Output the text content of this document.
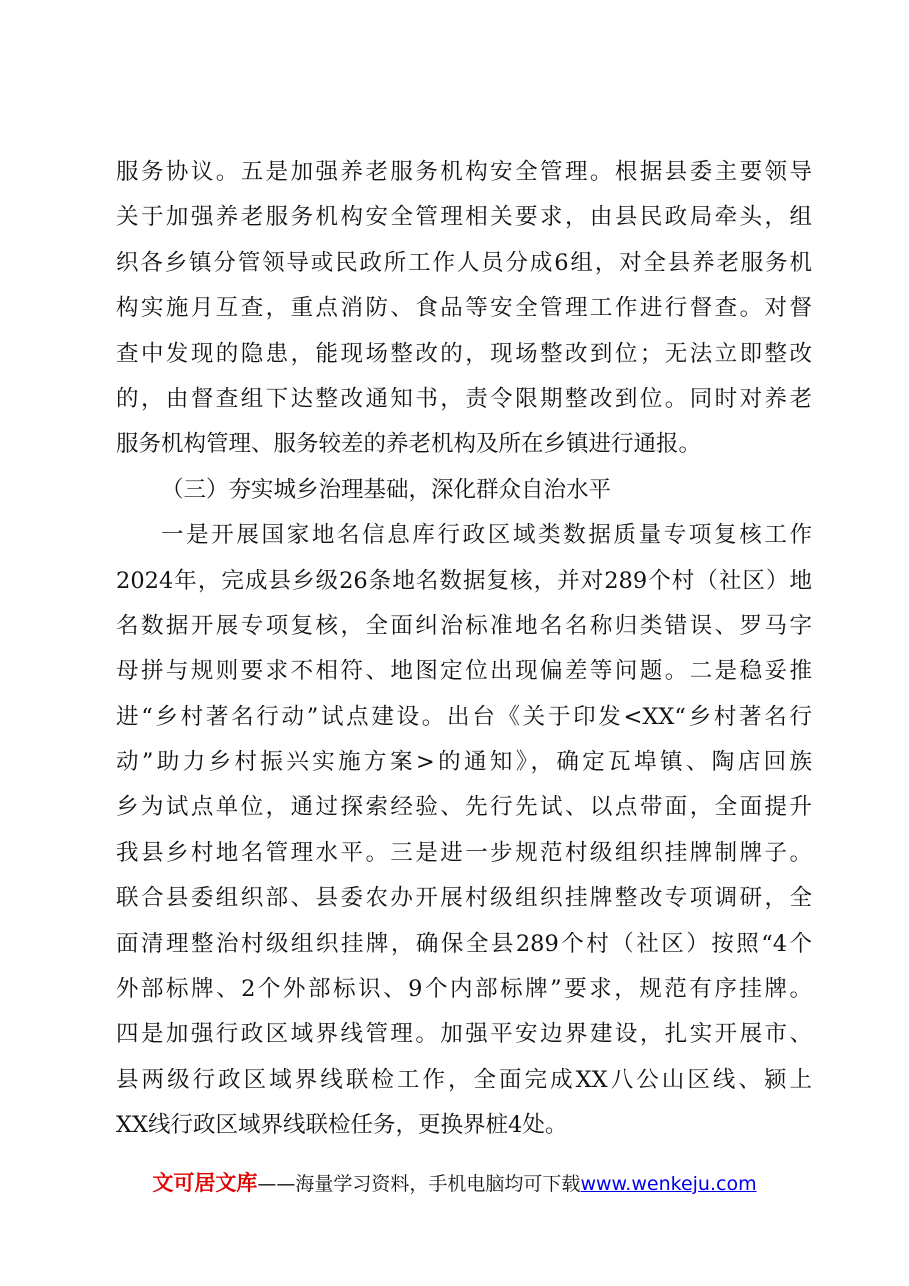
服务协议。五是加强养老服务机构安全管理。根据县委主要领导
关于加强养老服务机构安全管理相关要求，由县民政局牵头，组
织各乡镇分管领导或民政所工作人员分成6组，对全县养老服务机
构实施月互查，重点消防、食品等安全管理工作进行督查。对督
查中发现的隐患，能现场整改的，现场整改到位；无法立即整改
的，由督查组下达整改通知书，责令限期整改到位。同时对养老
服务机构管理、服务较差的养老机构及所在乡镇进行通报。
（三）夯实城乡治理基础，深化群众自治水平
一是开展国家地名信息库行政区域类数据质量专项复核工作
2024年，完成县乡级26条地名数据复核，并对289个村（社区）地
名数据开展专项复核，全面纠治标准地名名称归类错误、罗马字
母拼与规则要求不相符、地图定位出现偏差等问题。二是稳妥推
进“乡村著名行动”试点建设。出台《关于印发<XX“乡村著名行
动”助力乡村振兴实施方案>的通知》，确定瓦埠镇、陶店回族
乡为试点单位，通过探索经验、先行先试、以点带面，全面提升
我县乡村地名管理水平。三是进一步规范村级组织挂牌制牌子。
联合县委组织部、县委农办开展村级组织挂牌整改专项调研，全
面清理整治村级组织挂牌，确保全县289个村（社区）按照“4个
外部标牌、2个外部标识、9个内部标牌”要求，规范有序挂牌。
四是加强行政区域界线管理。加强平安边界建设，扎实开展市、
县两级行政区域界线联检工作，全面完成XX八公山区线、颍上
XX线行政区域界线联检任务，更换界桩4处。
文可居文库——海量学习资料，手机电脑均可下载www.wenkeju.com
